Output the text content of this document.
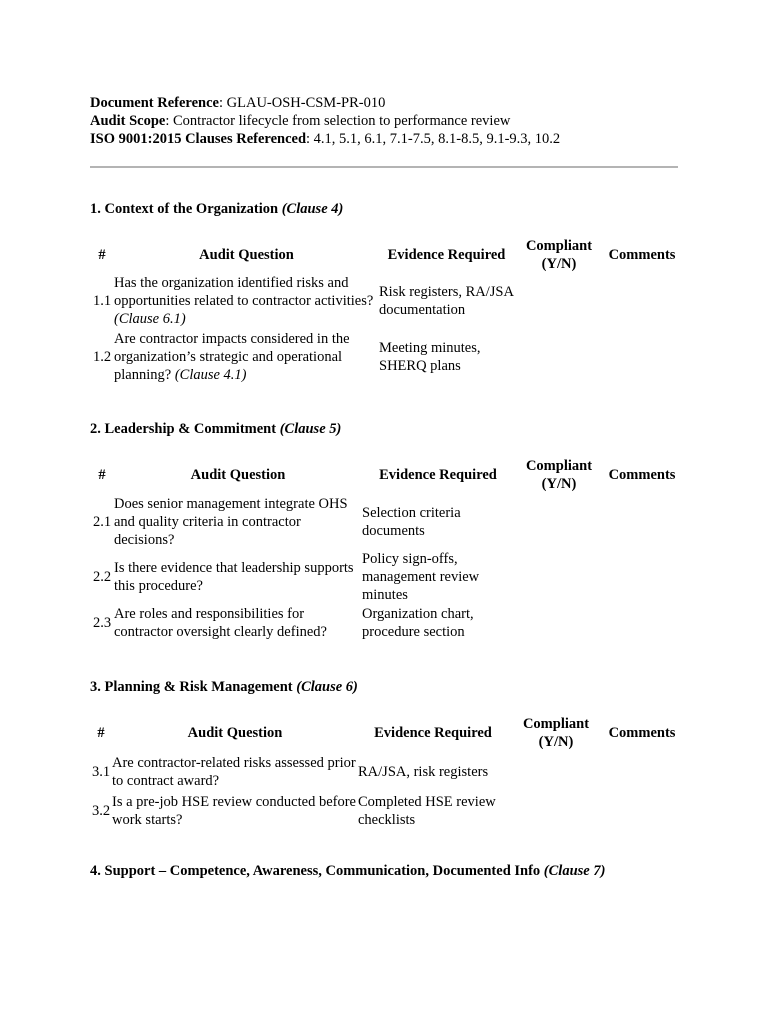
Document Reference: GLAU-OSH-CSM-PR-010

Audit Scope: Contractor lifecycle from selection to performance review

ISO 9001:2015 Clauses Referenced: 4.1, 5.1, 6.1, 7.1-7.5, 8.1-8.5, 9.1-9.3, 10.2

1. Context of the Organization (Clause 4)

#	Audit Question	Evidence Required	Compliant
(Y/N)	Comments
1.1	Has the organization identified risks and opportunities related to contractor activities? (Clause 6.1)	Risk registers, RA/JSA documentation		
1.2	Are contractor impacts considered in the organization’s strategic and operational planning? (Clause 4.1)	Meeting minutes, SHERQ plans		

2. Leadership & Commitment (Clause 5)

#	Audit Question	Evidence Required	Compliant
(Y/N)	Comments
2.1	Does senior management integrate OHS and quality criteria in contractor decisions?	Selection criteria documents		
2.2	Is there evidence that leadership supports this procedure?	Policy sign-offs, management review minutes		
2.3	Are roles and responsibilities for contractor oversight clearly defined?	Organization chart, procedure section		

3. Planning & Risk Management (Clause 6)

#	Audit Question	Evidence Required	Compliant
(Y/N)	Comments
3.1	Are contractor-related risks assessed prior to contract award?	RA/JSA, risk registers		
3.2	Is a pre-job HSE review conducted before work starts?	Completed HSE review checklists		

4. Support – Competence, Awareness, Communication, Documented Info (Clause 7)
